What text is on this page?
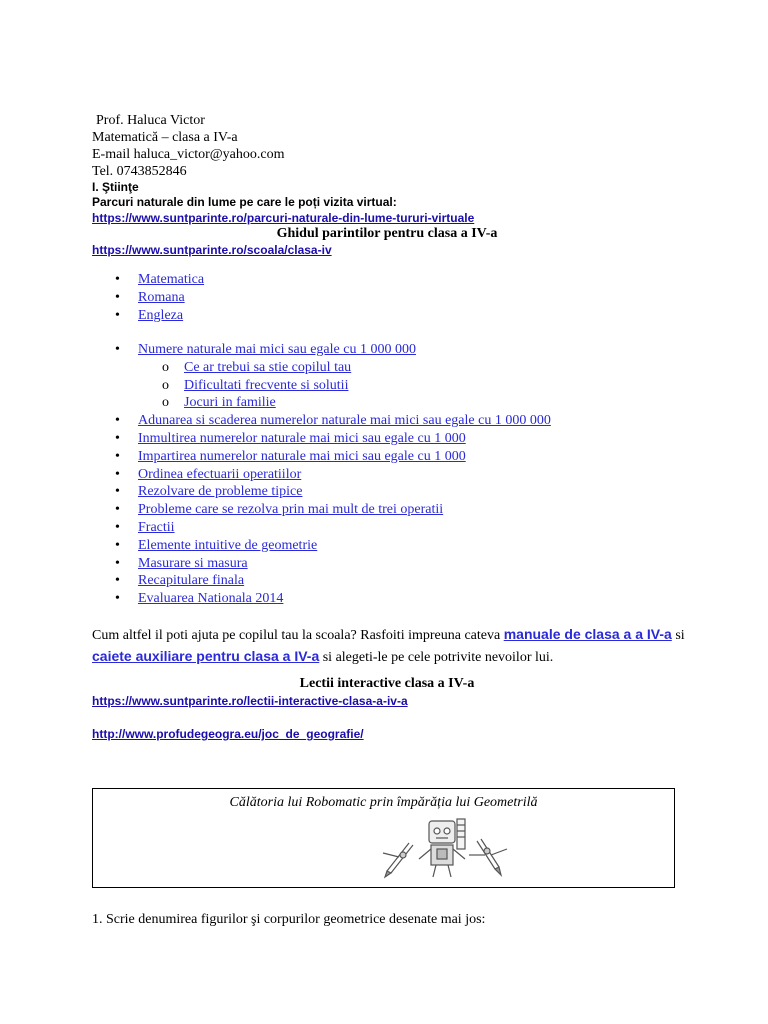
Prof. Haluca Victor
Matematică – clasa a IV-a
E-mail haluca_victor@yahoo.com
Tel. 0743852846
I. Ştiinţe
Parcuri naturale din lume pe care le poți vizita virtual:
https://www.suntparinte.ro/parcuri-naturale-din-lume-tururi-virtuale
Ghidul parintilor pentru clasa a IV-a
https://www.suntparinte.ro/scoala/clasa-iv
• Matematica
• Romana
• Engleza
• Numere naturale mai mici sau egale cu 1 000 000
o Ce ar trebui sa stie copilul tau
o Dificultati frecvente si solutii
o Jocuri in familie
• Adunarea si scaderea numerelor naturale mai mici sau egale cu 1 000 000
• Inmultirea numerelor naturale mai mici sau egale cu 1 000
• Impartirea numerelor naturale mai mici sau egale cu 1 000
• Ordinea efectuarii operatiilor
• Rezolvare de probleme tipice
• Probleme care se rezolva prin mai mult de trei operatii
• Fractii
• Elemente intuitive de geometrie
• Masurare si masura
• Recapitulare finala
• Evaluarea Nationala 2014
Cum altfel il poti ajuta pe copilul tau la scoala? Rasfoiti impreuna cateva manuale de clasa a a IV-a si caiete auxiliare pentru clasa a IV-a si alegeti-le pe cele potrivite nevoilor lui.
Lectii interactive clasa a IV-a
https://www.suntparinte.ro/lectii-interactive-clasa-a-iv-a
http://www.profudegeogra.eu/joc_de_geografie/
Călătoria lui Robomatic prin împărăția lui Geometrilă
1. Scrie denumirea figurilor şi corpurilor geometrice desenate mai jos:
